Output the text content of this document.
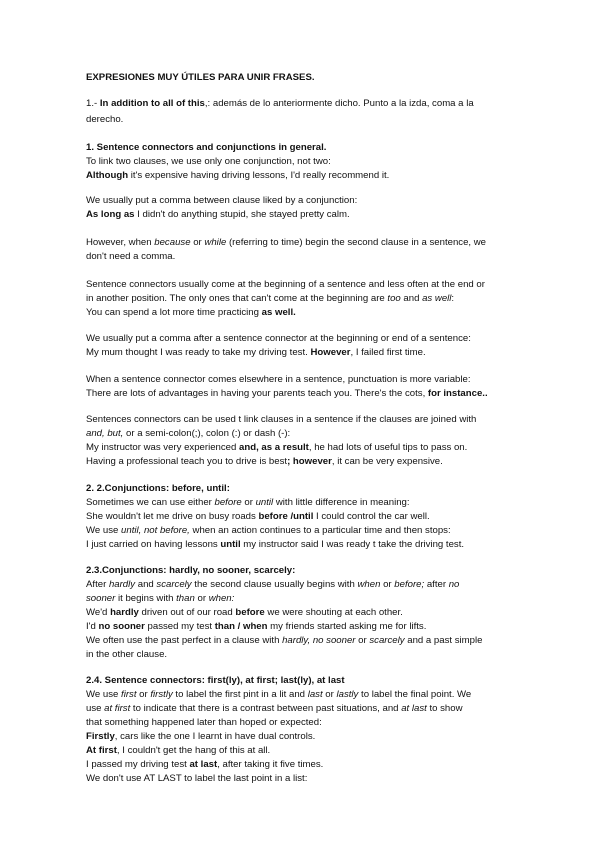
EXPRESIONES MUY ÚTILES PARA UNIR FRASES.
1.- In addition to all of this,: además de lo anteriormente dicho. Punto a la izda, coma a la
derecho.
1. Sentence connectors and conjunctions in general.
To link two clauses, we use only one conjunction, not two:
Although it's expensive having driving lessons, I'd really recommend it.
We usually put a comma between clause liked by a conjunction:
As long as I didn't do anything stupid, she stayed pretty calm.
However, when because or while (referring to time) begin the second clause in a sentence, we
don't need a comma.
Sentence connectors usually come at the beginning of a sentence and less often at the end or
in another position. The only ones that can't come at the beginning are too and as well:
You can spend a lot more time practicing as well.
We usually put a comma after a sentence connector at the beginning or end of a sentence:
My mum thought I was ready to take my driving test. However, I failed first time.
When a sentence connector comes elsewhere in a sentence, punctuation is more variable:
There are lots of advantages in having your parents teach you. There's the cots, for instance..
Sentences connectors can be used t link clauses in a sentence if the clauses are joined with
and, but, or a semi-colon(;), colon (:) or dash (-):
My instructor was very experienced and, as a result, he had lots of useful tips to pass on.
Having a professional teach you to drive is best; however, it can be very expensive.
2. 2.Conjunctions: before, until:
Sometimes we can use either before or until with little difference in meaning:
She wouldn't let me drive on busy roads before /until I could control the car well.
We use until, not before, when an action continues to a particular time and then stops:
I just carried on having lessons until my instructor said I was ready t take the driving test.
2.3.Conjunctions: hardly, no sooner, scarcely:
After hardly and scarcely the second clause usually begins with when or before; after no
sooner it begins with than or when:
We'd hardly driven out of our road before we were shouting at each other.
I'd no sooner passed my test than / when my friends started asking me for lifts.
We often use the past perfect in a clause with hardly, no sooner or scarcely and a past simple
in the other clause.
2.4. Sentence connectors: first(ly), at first; last(ly), at last
We use first or firstly to label the first pint in a lit and last or lastly to label the final point. We
use at first to indicate that there is a contrast between past situations, and at last to show
that something happened later than hoped or expected:
Firstly, cars like the one I learnt in have dual controls.
At first, I couldn't get the hang of this at all.
I passed my driving test at last, after taking it five times.
We don't use AT LAST to label the last point in a list:
